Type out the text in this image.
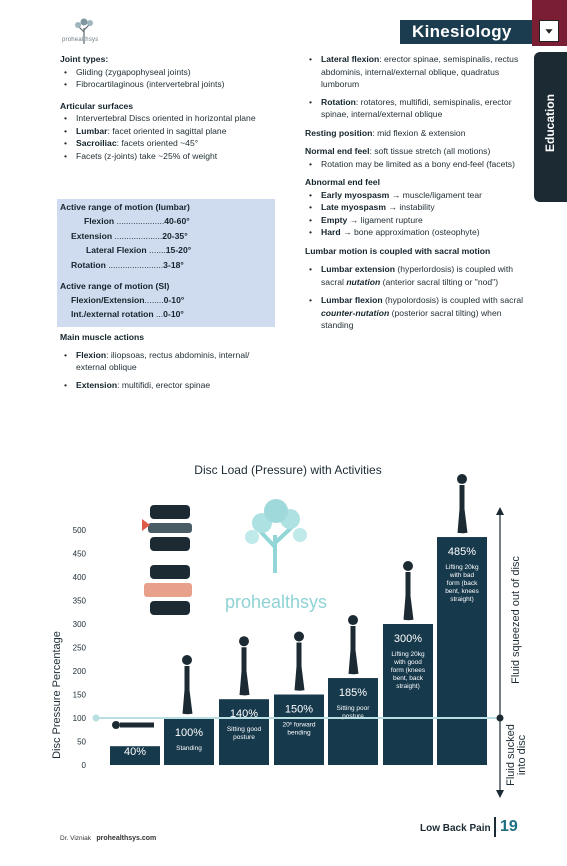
prohealthsys	Kinesiology
Education
Joint types:
• Gliding (zygapophyseal joints)
• Fibrocartilaginous (intervertebral joints)
Articular surfaces
• Intervertebral Discs oriented in horizontal plane
• Lumbar: facet oriented in sagittal plane
• Sacroiliac: facets oriented ~45°
• Facets (z-joints) take ~25% of weight
Active range of motion (lumbar)
Flexion ....................40-60°
Extension ....................20-35°
Lateral Flexion .......15-20°
Rotation .......................3-18°
Active range of motion (SI)
Flexion/Extension........0-10°
Int./external rotation ...0-10°
Main muscle actions
• Flexion: iliopsoas, rectus abdominis, internal/ external oblique
• Extension: multifidi, erector spinae
• Lateral flexion: erector spinae, semispinalis, rectus abdominis, internal/external oblique, quadratus lumborum
• Rotation: rotatores, multifidi, semispinalis, erector spinae, internal/external oblique
Resting position: mid flexion & extension
Normal end feel: soft tissue stretch (all motions)
• Rotation may be limited as a bony end-feel (facets)
Abnormal end feel
• Early myospasm → muscle/ligament tear
• Late myospasm → instability
• Empty → ligament rupture
• Hard → bone approximation (osteophyte)
Lumbar motion is coupled with sacral motion
• Lumbar extension (hyperlordosis) is coupled with sacral nutation (anterior sacral tilting or "nod")
• Lumbar flexion (hypolordosis) is coupled with sacral counter-nutation (posterior sacral tilting) when standing
Disc Load (Pressure) with Activities
Disc Pressure Percentage
0
50
100
150
200
250
300
350
400
450
500
prohealthsys
40%
100%
Standing
140%
Sitting good posture
150%
20º forward bending
185%
Sitting poor posture
300%
Lifting 20kg with good form (knees bent, back straight)
485%
Lifting 20kg with bad form (back bent, knees straight)	Fluid squeezed out of disc
Fluid suckedinto disc
Dr. Vizniak prohealthsys.com
Low Back Pain 19
